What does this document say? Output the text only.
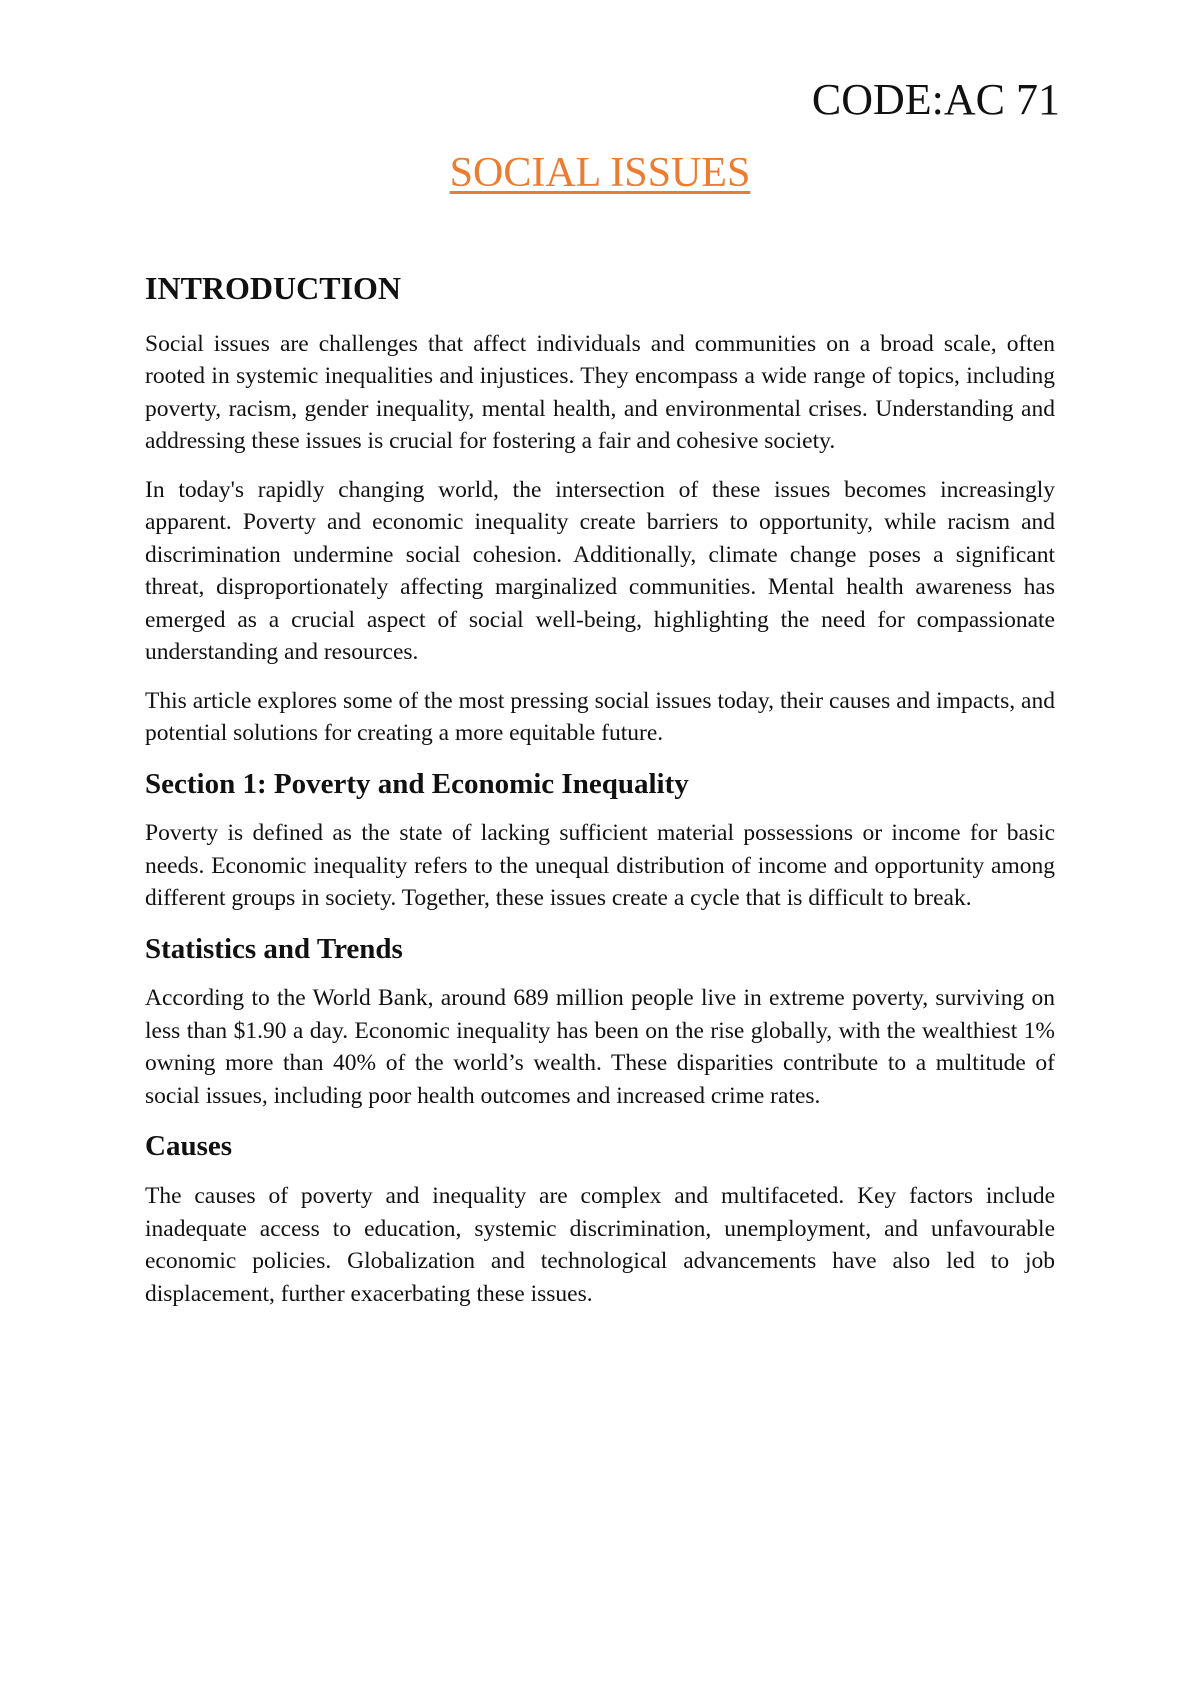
CODE:AC 71
SOCIAL ISSUES
INTRODUCTION

Social issues are challenges that affect individuals and communities on a broad scale, often rooted in systemic inequalities and injustices. They encompass a wide range of topics, including poverty, racism, gender inequality, mental health, and environmental crises. Understanding and addressing these issues is crucial for fostering a fair and cohesive society.

In today's rapidly changing world, the intersection of these issues becomes increasingly apparent. Poverty and economic inequality create barriers to opportunity, while racism and discrimination undermine social cohesion. Additionally, climate change poses a significant threat, disproportionately affecting marginalized communities. Mental health awareness has emerged as a crucial aspect of social well-being, highlighting the need for compassionate understanding and resources.

This article explores some of the most pressing social issues today, their causes and impacts, and potential solutions for creating a more equitable future.

Section 1: Poverty and Economic Inequality

Poverty is defined as the state of lacking sufficient material possessions or income for basic needs. Economic inequality refers to the unequal distribution of income and opportunity among different groups in society. Together, these issues create a cycle that is difficult to break.

Statistics and Trends

According to the World Bank, around 689 million people live in extreme poverty, surviving on less than $1.90 a day. Economic inequality has been on the rise globally, with the wealthiest 1% owning more than 40% of the world’s wealth. These disparities contribute to a multitude of social issues, including poor health outcomes and increased crime rates.

Causes

The causes of poverty and inequality are complex and multifaceted. Key factors include inadequate access to education, systemic discrimination, unemployment, and unfavourable economic policies. Globalization and technological advancements have also led to job displacement, further exacerbating these issues.
